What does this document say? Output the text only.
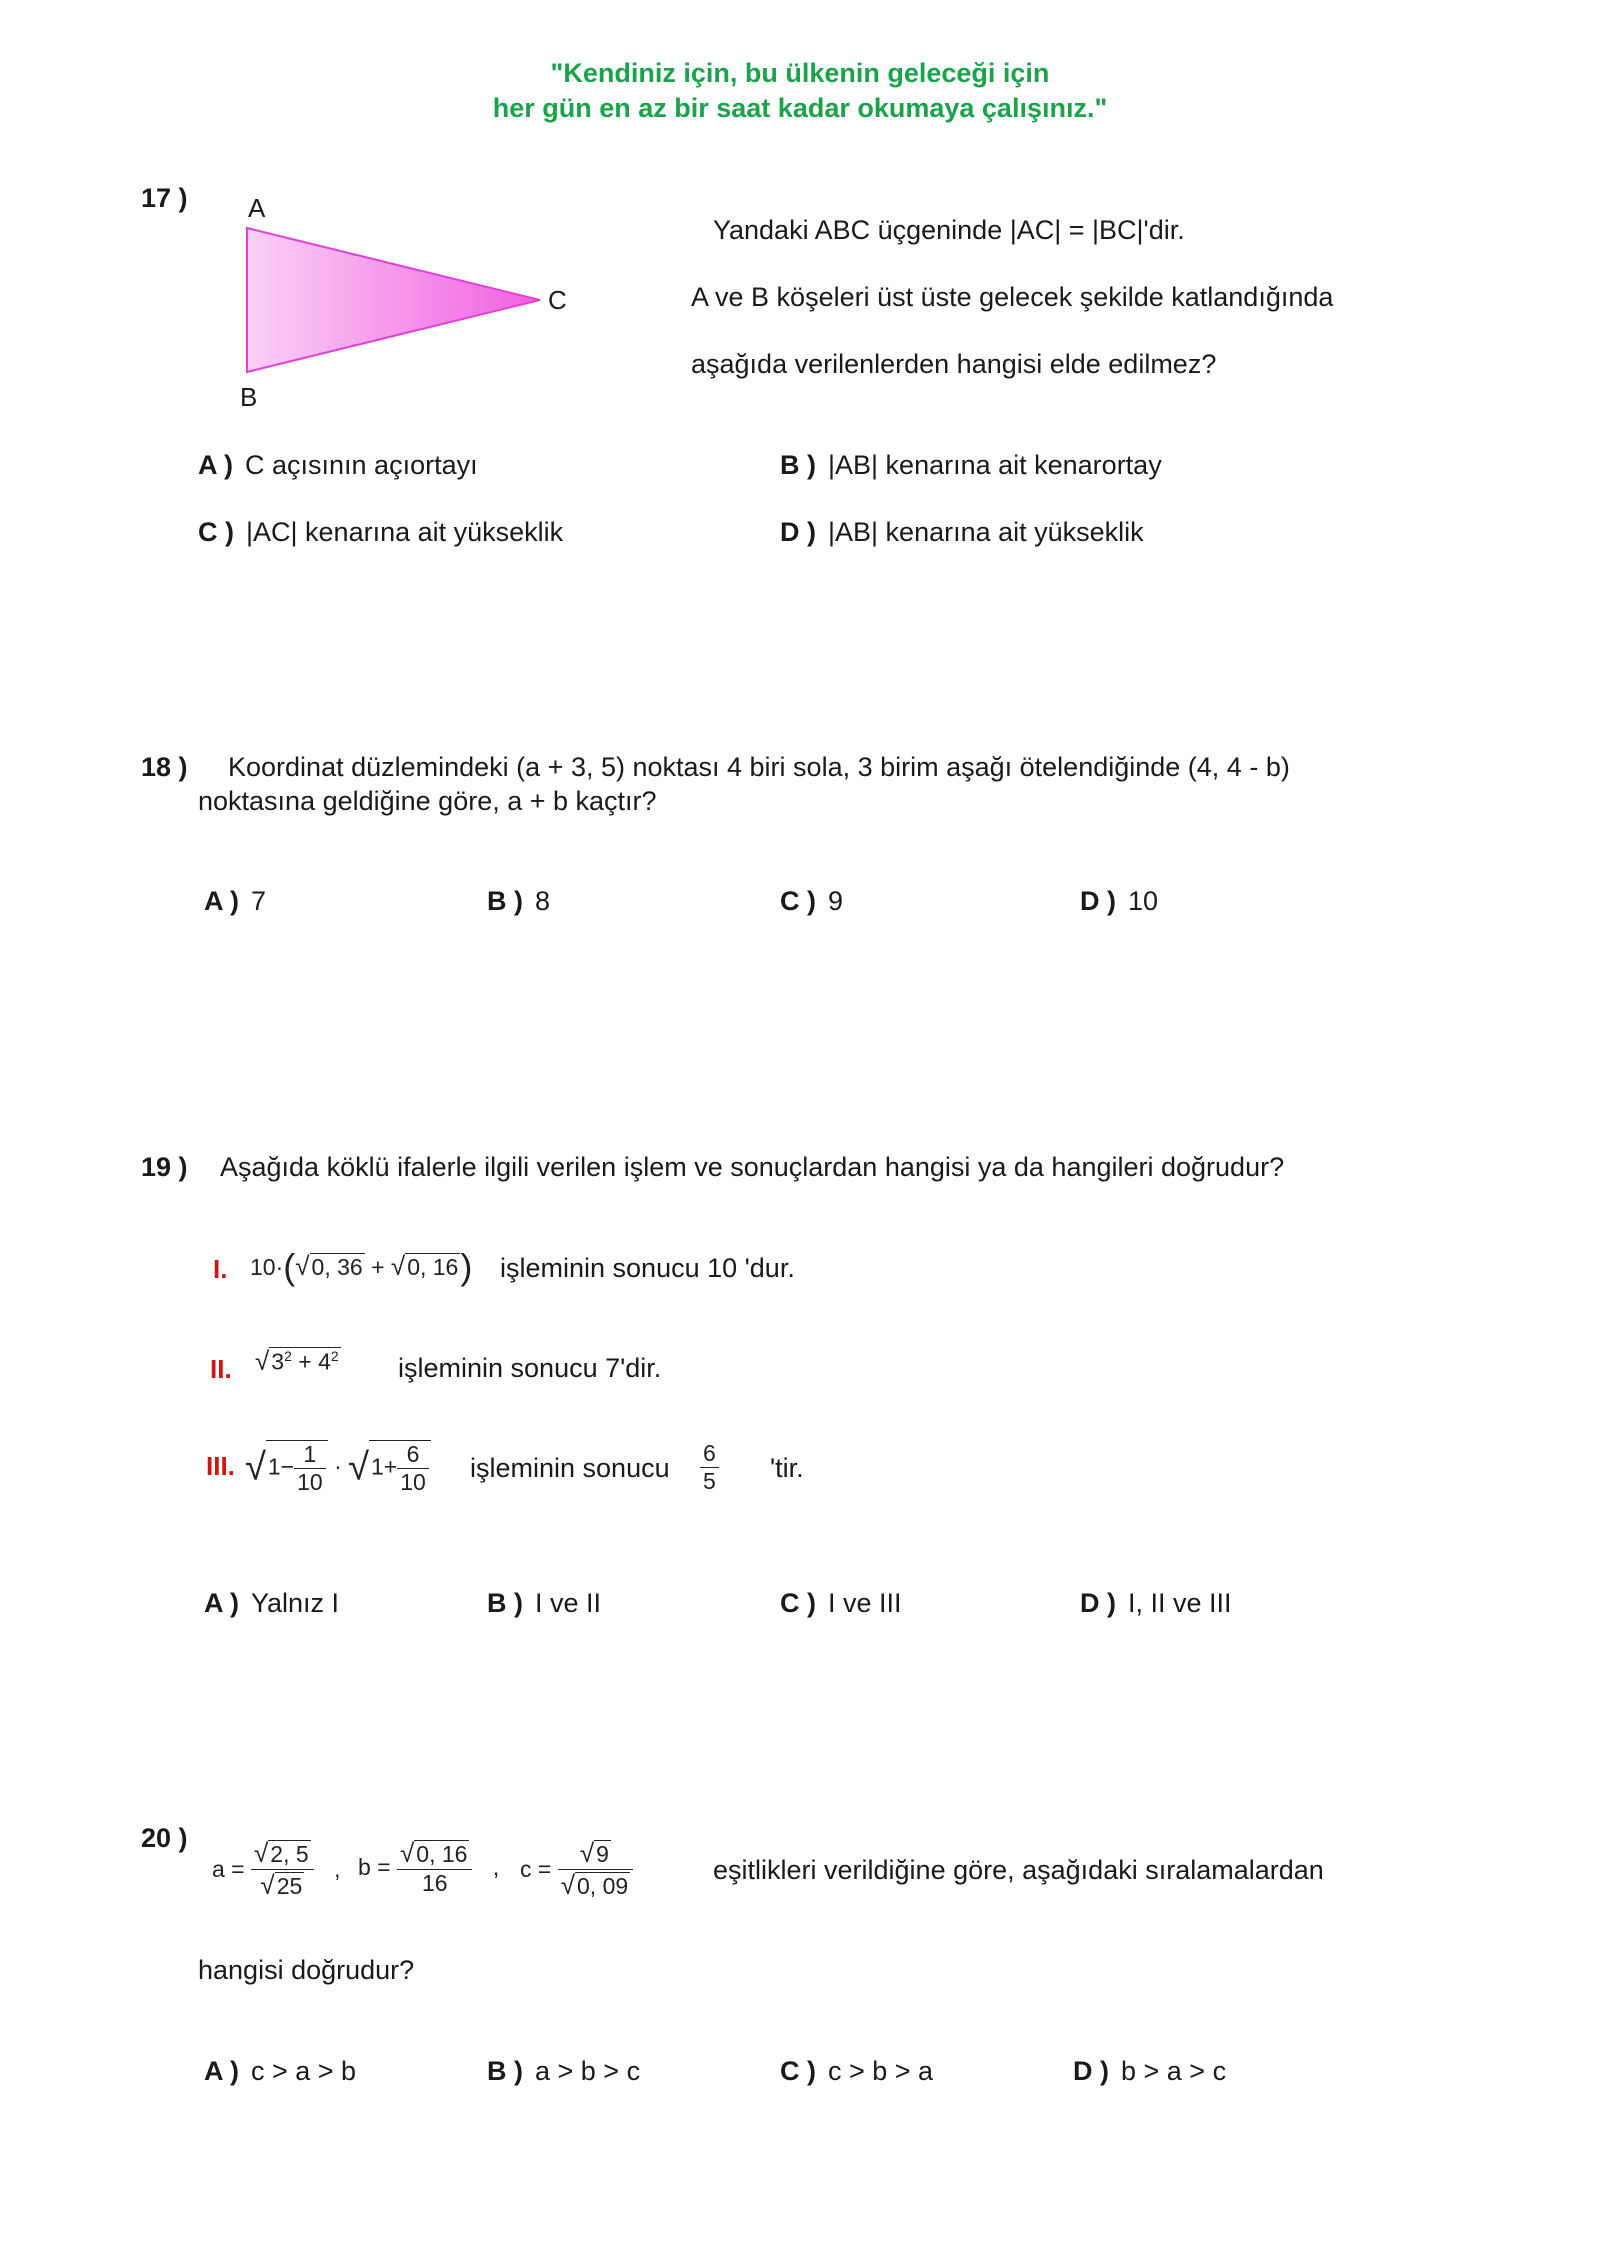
"Kendiniz için, bu ülkenin geleceği için
her gün en az bir saat kadar okumaya çalışınız."
17 ) A
B
C
Yandaki ABC üçgeninde |AC| = |BC|'dir.
A ve B köşeleri üst üste gelecek şekilde katlandığında
aşağıda verilenlerden hangisi elde edilmez?
A ) C açısının açıortayı	B ) |AB| kenarına ait kenarortay
C ) |AC| kenarına ait yükseklik	D ) |AB| kenarına ait yükseklik
18 ) Koordinat düzlemindeki (a + 3, 5) noktası 4 biri sola, 3 birim aşağı ötelendiğinde (4, 4 - b)
noktasına geldiğine göre, a + b kaçtır?
A ) 7	B ) 8	C ) 9	D ) 10
19 ) Aşağıda köklü ifalerle ilgili verilen işlem ve sonuçlardan hangisi ya da hangileri doğrudur?
I. 10·(√0, 36 + √0, 16) işleminin sonucu 10 'dur.
II. $√3^2 + 4^2$ işleminin sonucu 7'dir.
III. $√1- \frac{1}{10} \cdot √1+ \frac{6}{10}$ işleminin sonucu $\frac{6}{5}$ 'tir.
A ) Yalnız I	B ) I ve II	C ) I ve III	D ) I, II ve III
20 )
$a = \frac{√2, 5}{√25}$ , $b = \frac{√0, 16}{16}$ , $c = \frac{√9}{√0, 09}$	eşitlikleri verildiğine göre, aşağıdaki sıralamalardan
hangisi doğrudur?
A ) c > a > b	B ) a > b > c	C ) c > b > a	D ) b > a > c
